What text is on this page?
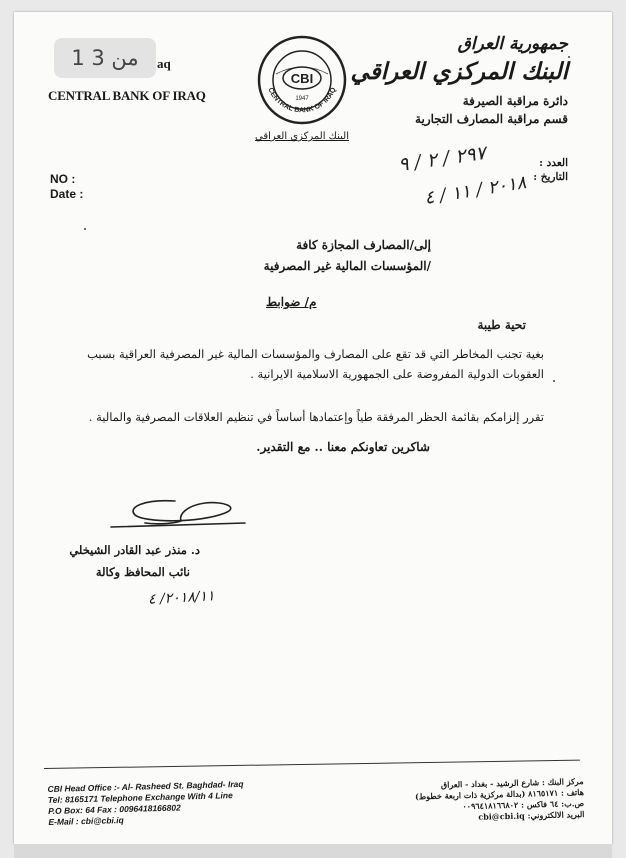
1 من 3	aq
CENTRAL BANK OF IRAQ
CBI
1947
CENTRAL BANK OF IRAQ
البنك المركزي العراقي
جمهورية العراق
البنك المركزي العراقي
دائرة مراقبة الصيرفة
قسم مراقبة المصارف التجارية
NO :
Date :
العدد :
التاريخ :
٢٩٧ / ٢ / ٩
٢٠١٨ / ١١ / ٤
إلى/المصارف المجازة كافة
/المؤسسات المالية غير المصرفية
م/ ضوابط
تحية طيبة
بغية تجنب المخاطر التي قد تقع على المصارف والمؤسسات المالية غير المصرفية العراقية بسبب العقوبات الدولية المفروضة على الجمهورية الاسلامية الايرانية .
تقرر إلزامكم بقائمة الحظر المرفقة طياً وإعتمادها أساساً في تنظيم العلاقات المصرفية والمالية .
شاكرين تعاونكم معنا .. مع التقدير.
د. منذر عبد القادر الشيخلي
نائب المحافظ وكالة
٢٠١٨/١١/ ٤
CBI Head Office :- Al- Rasheed St. Baghdad- Iraq
Tel: 8165171 Telephone Exchange With 4 Line
P.O Box: 64 Fax : 0096418166802
E-Mail : cbi@cbi.iq
مركز البنك : شارع الرشيد - بغداد - العراق
هاتف : ٨١٦٥١٧١ (بدالة مركزية ذات اربعة خطوط)
ص.ب: ٦٤ فاكس : ٠٠٩٦٤١٨١٦٦٨٠٢
البريد الالكتروني: cbi@cbi.iq
